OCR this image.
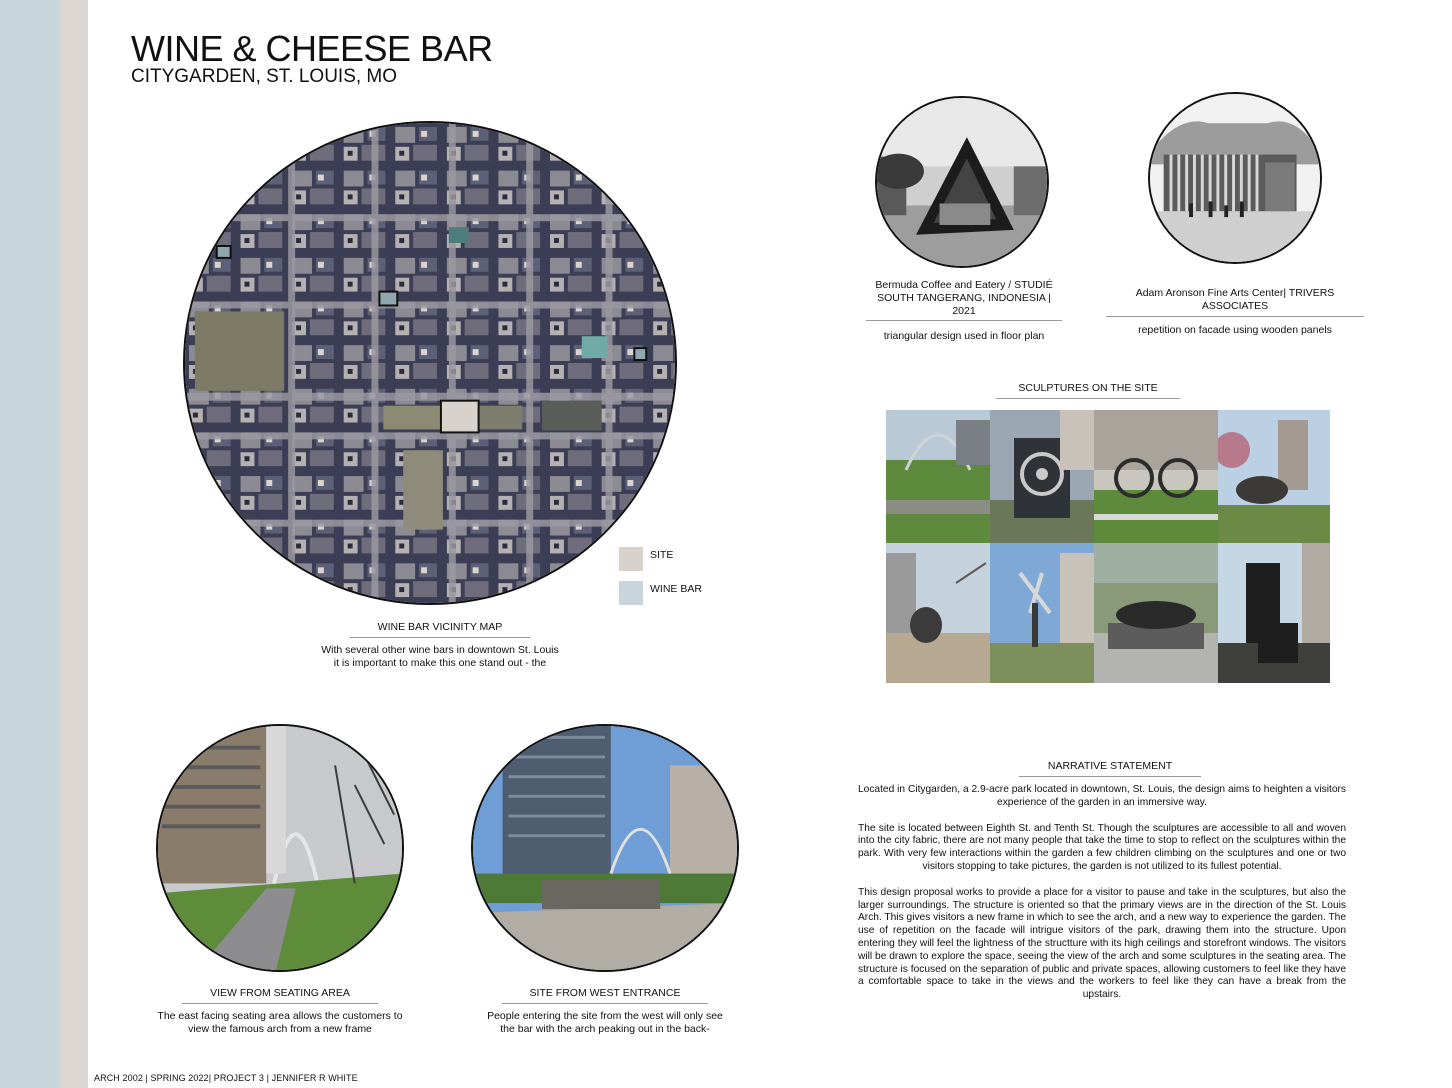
WINE & CHEESE BAR
CITYGARDEN, ST. LOUIS, MO
SITE
WINE BAR
WINE BAR VICINITY MAP
With several other wine bars in downtown St. Louis
it is important to make this one stand out - the
Bermuda Coffee and Eatery / STUDIÉ
SOUTH TANGERANG, INDONESIA | 2021
triangular design used in floor plan
Adam Aronson Fine Arts Center| TRIVERS ASSOCIATES
repetition on facade using wooden panels
SCULPTURES ON THE SITE
VIEW FROM SEATING AREA
The east facing seating area allows the customers to
view the famous arch from a new frame
SITE FROM WEST ENTRANCE
People entering the site from the west will only see
the bar with the arch peaking out in the back-
NARRATIVE STATEMENT

Located in Citygarden, a 2.9-acre park located in downtown, St. Louis, the design aims to heighten a visitors experience of the garden in an immersive way.

The site is located between Eighth St. and Tenth St. Though the sculptures are accessible to all and woven into the city fabric, there are not many people that take the time to stop to reflect on the sculptures within the park. With very few interactions within the garden a few children climbing on the sculptures and one or two visitors stopping to take pictures, the garden is not utilized to its fullest potential.

This design proposal works to provide a place for a visitor to pause and take in the sculptures, but also the larger surroundings. The structure is oriented so that the primary views are in the direction of the St. Louis Arch. This gives visitors a new frame in which to see the arch, and a new way to experience the garden. The use of repetition on the facade will intrigue visitors of the park, drawing them into the structure. Upon entering they will feel the lightness of the structture with its high ceilings and storefront windows. The visitors will be drawn to explore the space, seeing the view of the arch and some sculptures in the seating area. The structure is focused on the separation of public and private spaces, allowing customers to feel like they have a comfortable space to take in the views and the workers to feel like they can have a break from the upstairs.

ARCH 2002 | SPRING 2022| PROJECT 3 | JENNIFER R WHITE
